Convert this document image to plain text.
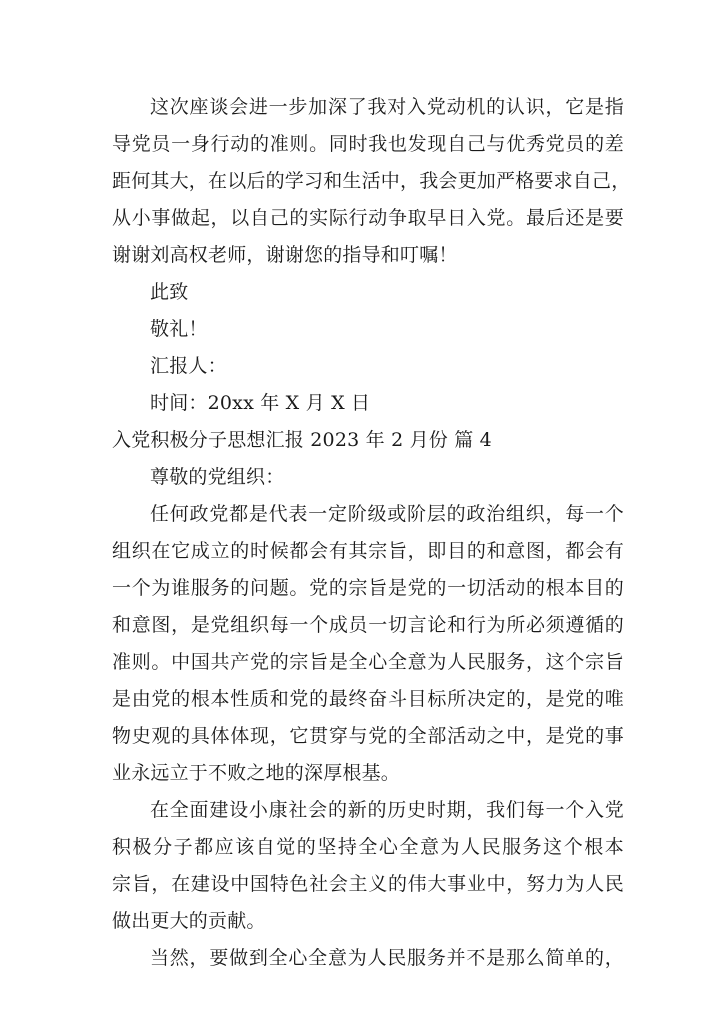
这次座谈会进一步加深了我对入党动机的认识，它是指
导党员一身行动的准则。同时我也发现自己与优秀党员的差
距何其大，在以后的学习和生活中，我会更加严格要求自己，
从小事做起，以自己的实际行动争取早日入党。最后还是要
谢谢刘高权老师，谢谢您的指导和叮嘱！
此致
敬礼！
汇报人：
时间：20xx 年 X 月 X 日
入党积极分子思想汇报 2023 年 2 月份 篇 4
尊敬的党组织：
任何政党都是代表一定阶级或阶层的政治组织，每一个
组织在它成立的时候都会有其宗旨，即目的和意图，都会有
一个为谁服务的问题。党的宗旨是党的一切活动的根本目的
和意图，是党组织每一个成员一切言论和行为所必须遵循的
准则。中国共产党的宗旨是全心全意为人民服务，这个宗旨
是由党的根本性质和党的最终奋斗目标所决定的，是党的唯
物史观的具体体现，它贯穿与党的全部活动之中，是党的事
业永远立于不败之地的深厚根基。
在全面建设小康社会的新的历史时期，我们每一个入党
积极分子都应该自觉的坚持全心全意为人民服务这个根本
宗旨，在建设中国特色社会主义的伟大事业中，努力为人民
做出更大的贡献。
当然，要做到全心全意为人民服务并不是那么简单的，
